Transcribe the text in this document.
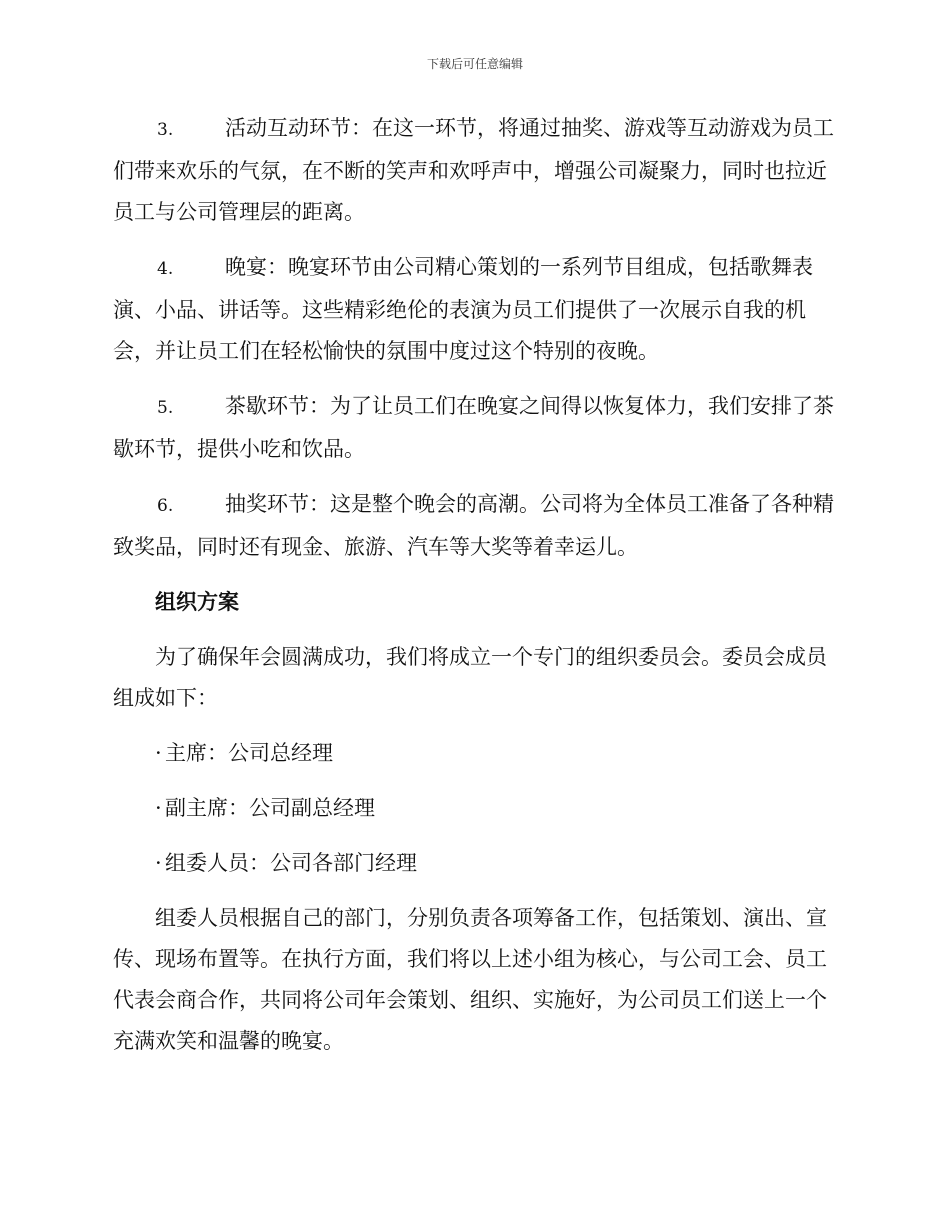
下载后可任意编辑

3. 活动互动环节：在这一环节，将通过抽奖、游戏等互动游戏为员工们带来欢乐的气氛，在不断的笑声和欢呼声中，增强公司凝聚力，同时也拉近员工与公司管理层的距离。

4. 晚宴：晚宴环节由公司精心策划的一系列节目组成，包括歌舞表演、小品、讲话等。这些精彩绝伦的表演为员工们提供了一次展示自我的机会，并让员工们在轻松愉快的氛围中度过这个特别的夜晚。

5. 茶歇环节：为了让员工们在晚宴之间得以恢复体力，我们安排了茶歇环节，提供小吃和饮品。

6. 抽奖环节：这是整个晚会的高潮。公司将为全体员工准备了各种精致奖品，同时还有现金、旅游、汽车等大奖等着幸运儿。

组织方案

为了确保年会圆满成功，我们将成立一个专门的组织委员会。委员会成员组成如下：

· 主席：公司总经理

· 副主席：公司副总经理

· 组委人员：公司各部门经理

组委人员根据自己的部门，分别负责各项筹备工作，包括策划、演出、宣传、现场布置等。在执行方面，我们将以上述小组为核心，与公司工会、员工代表会商合作，共同将公司年会策划、组织、实施好，为公司员工们送上一个充满欢笑和温馨的晚宴。
